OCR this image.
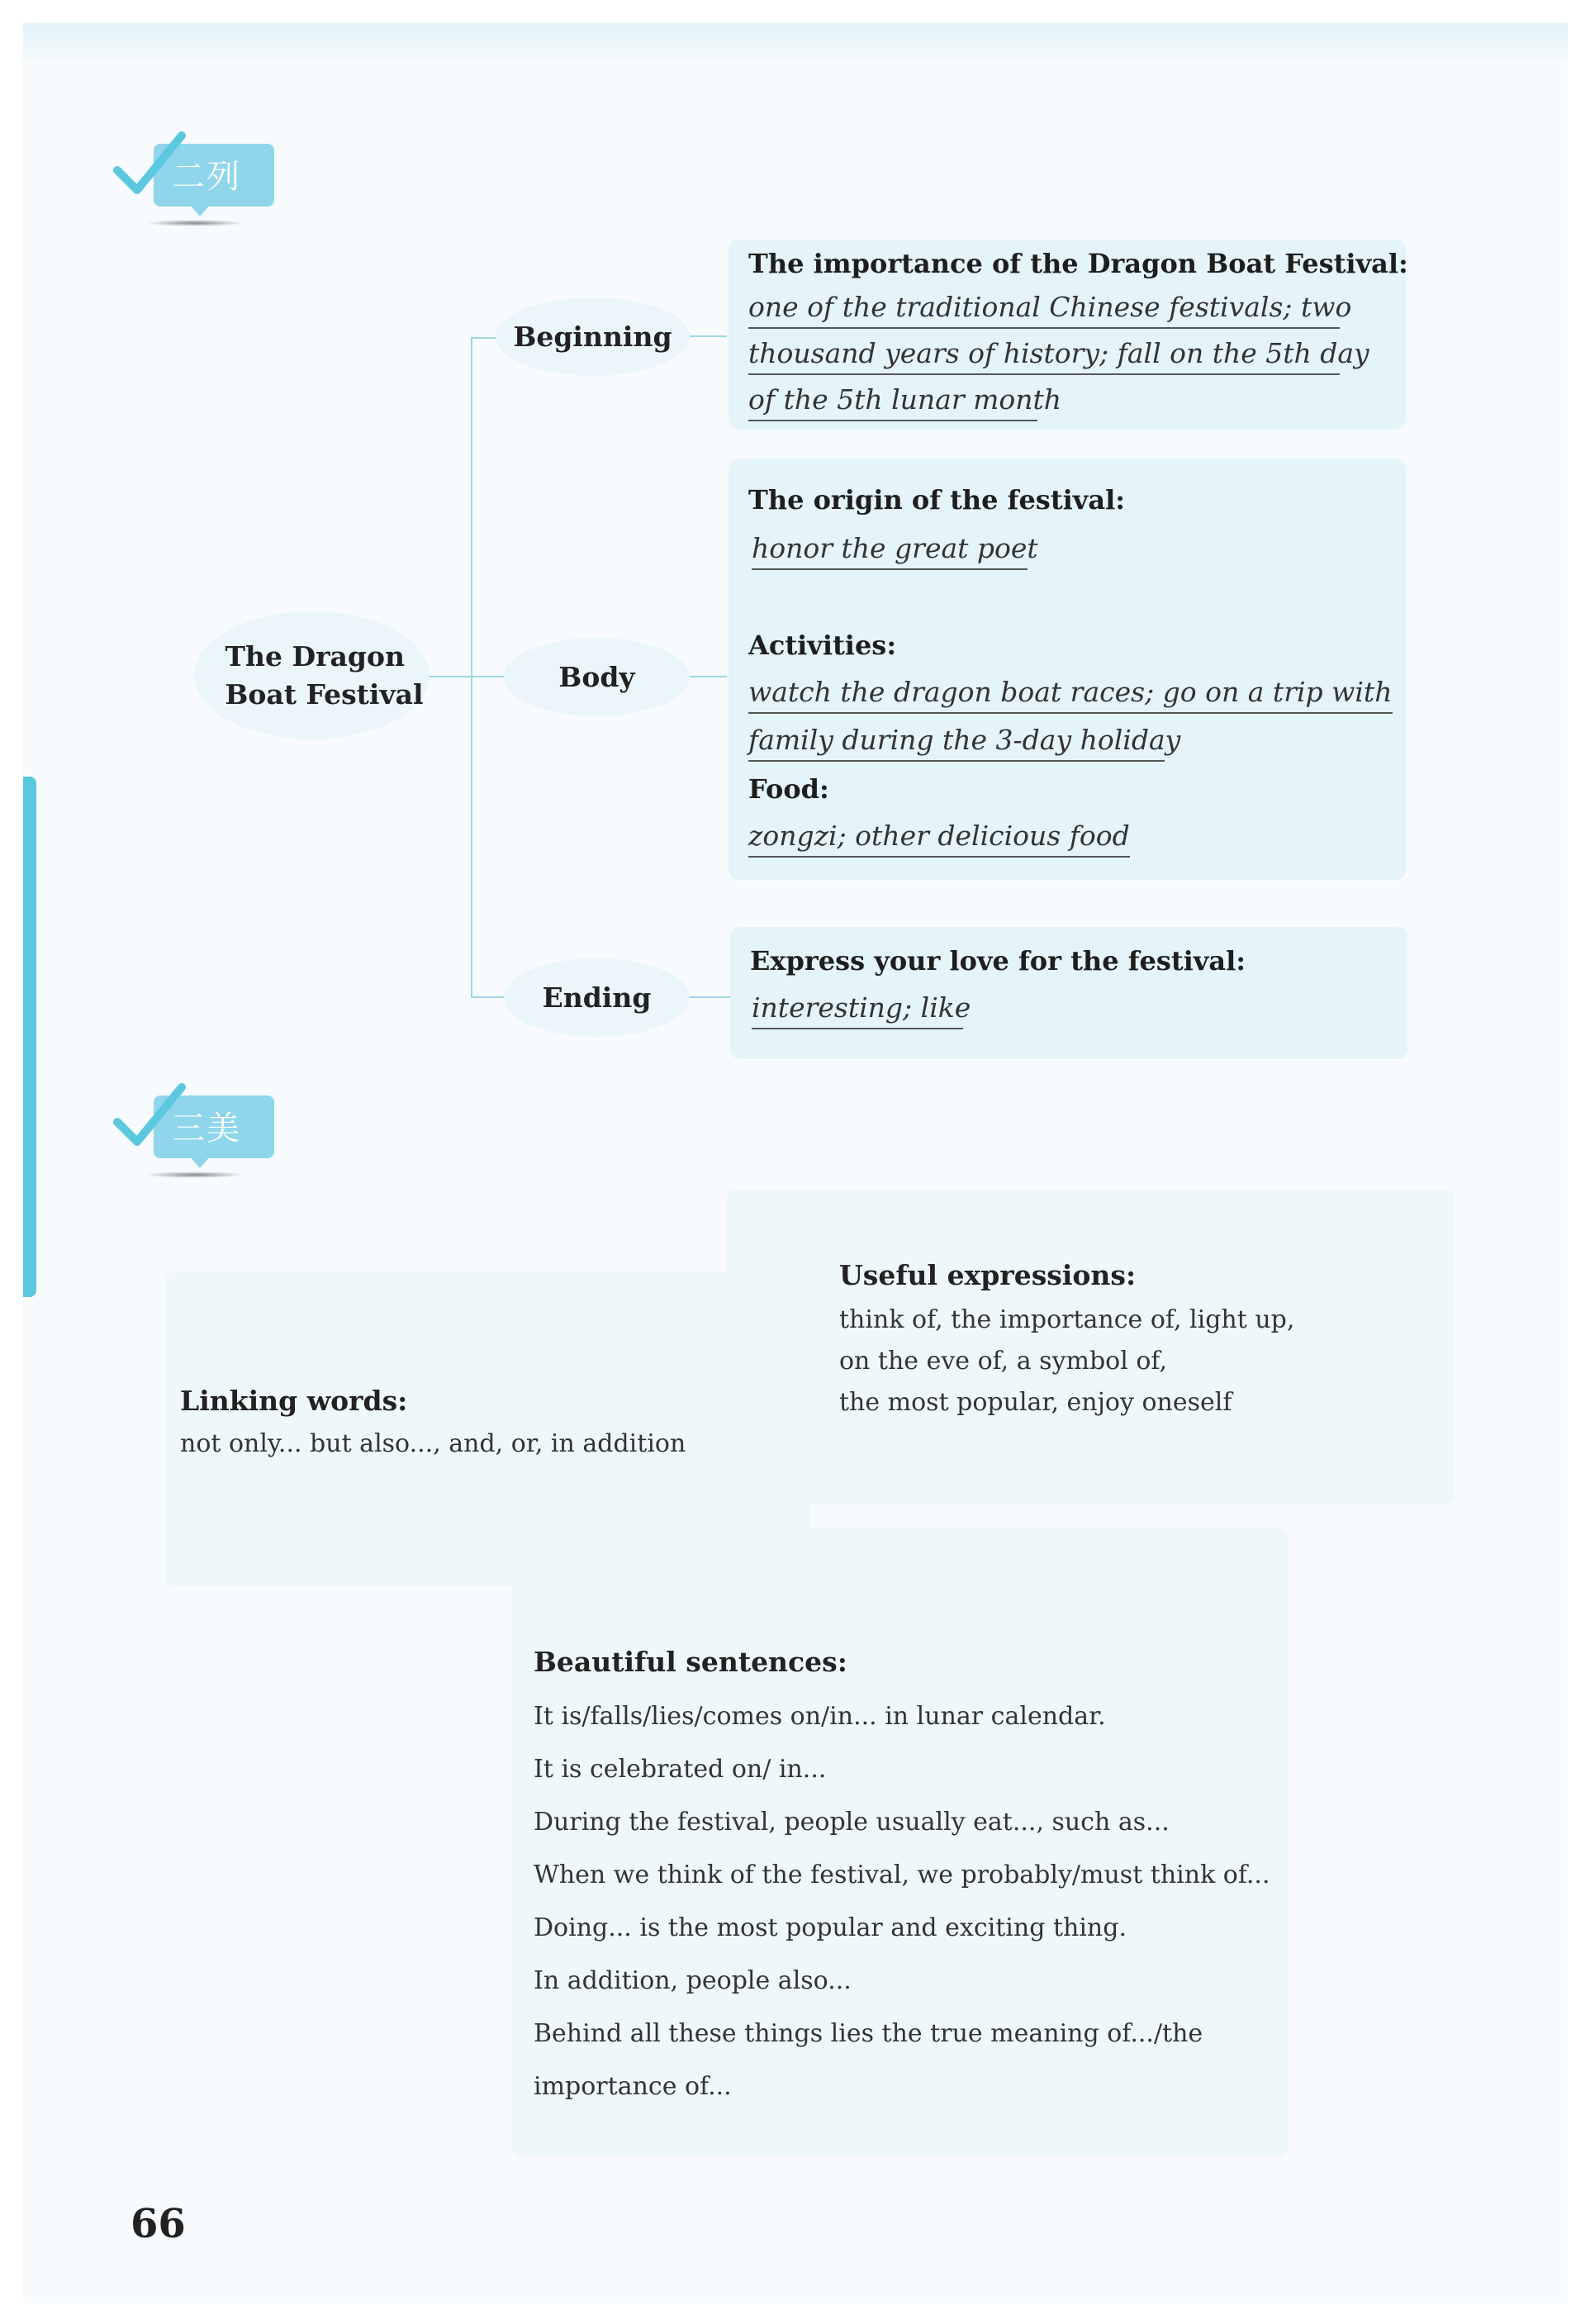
二列
The Dragon
Boat Festival
Beginning
Body
Ending
The importance of the Dragon Boat Festival:
one of the traditional Chinese festivals; two
thousand years of history; fall on the 5th day
of the 5th lunar month
The origin of the festival:
honor the great poet
Activities:
watch the dragon boat races; go on a trip with
family during the 3-day holiday
Food:
zongzi; other delicious food
Express your love for the festival:
interesting; like
三美
Linking words:
not only... but also..., and, or, in addition
Useful expressions:
think of, the importance of, light up,
on the eve of, a symbol of,
the most popular, enjoy oneself
Beautiful sentences:
It is/falls/lies/comes on/in... in lunar calendar.
It is celebrated on/ in...
During the festival, people usually eat..., such as...
When we think of the festival, we probably/must think of...
Doing... is the most popular and exciting thing.
In addition, people also...
Behind all these things lies the true meaning of.../the
importance of...
66
